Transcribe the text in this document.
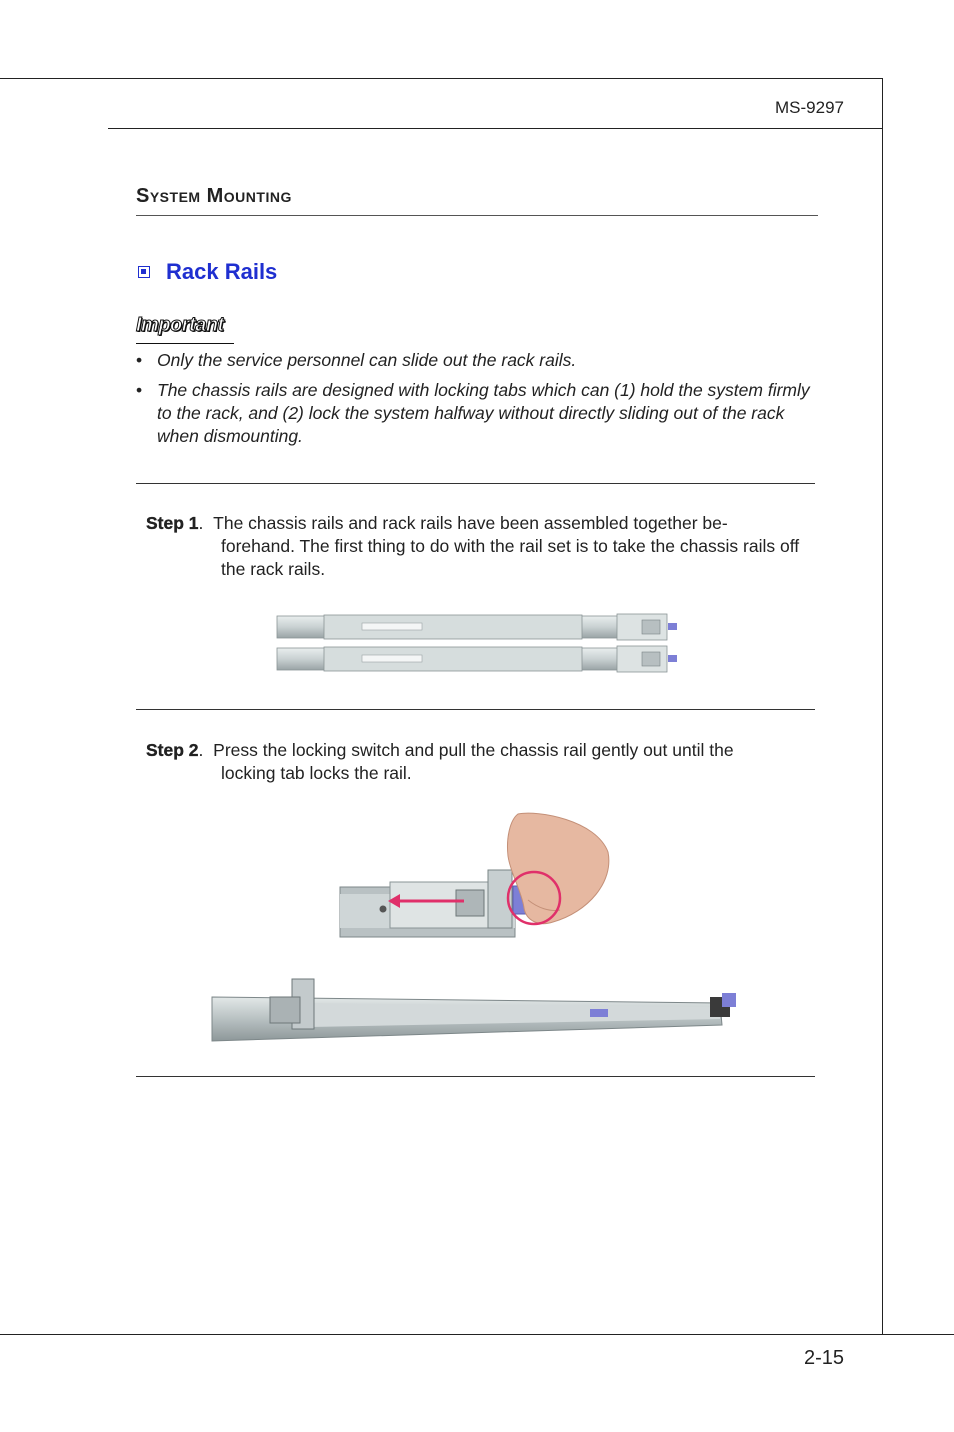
MS-9297
System Mounting
Rack Rails
Important
• Only the service personnel can slide out the rack rails.
• The chassis rails are designed with locking tabs which can (1) hold the system firmly to the rack, and (2) lock the system halfway without directly sliding out of the rack when dismounting.
Step 1. The chassis rails and rack rails have been assembled together be-
forehand. The first thing to do with the rail set is to take the chassis rails off the rack rails.
Step 2. Press the locking switch and pull the chassis rail gently out until the
locking tab locks the rail.
2-15
